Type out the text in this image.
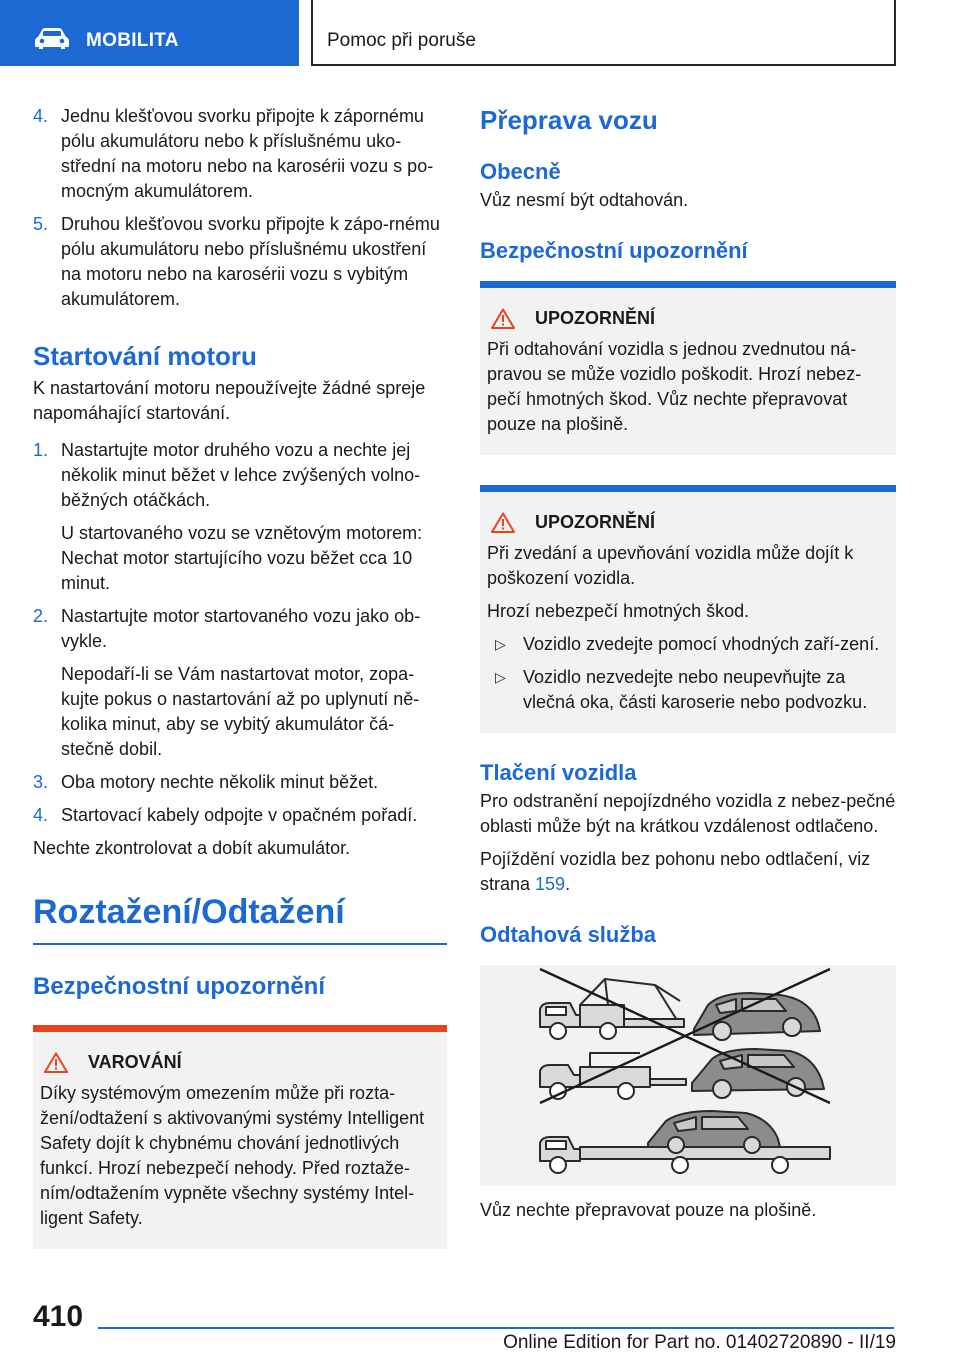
MOBILITA	Pomoc při poruše
4. Jednu klešťovou svorku připojte k zápornému pólu akumulátoru nebo k příslušnému uko-střední na motoru nebo na karosérii vozu s po-mocným akumulátorem.

5. Druhou klešťovou svorku připojte k zápo-rnému pólu akumulátoru nebo příslušnému ukostření na motoru nebo na karosérii vozu s vybitým akumulátorem.

Startování motoru

K nastartování motoru nepoužívejte žádné spreje napomáhající startování.

1. Nastartujte motor druhého vozu a nechte jej několik minut běžet v lehce zvýšených volno-běžných otáčkách.

U startovaného vozu se vznětovým motorem: Nechat motor startujícího vozu běžet cca 10 minut.

2. Nastartujte motor startovaného vozu jako ob-vykle.

Nepodaří-li se Vám nastartovat motor, zopa-kujte pokus o nastartování až po uplynutí ně-kolika minut, aby se vybitý akumulátor čá-stečně dobil.

3. Oba motory nechte několik minut běžet.

4. Startovací kabely odpojte v opačném pořadí.

Nechte zkontrolovat a dobít akumulátor.

Roztažení/Odtažení
Bezpečnostní upozornění
VAROVÁNÍ

Díky systémovým omezením může při rozta-žení/odtažení s aktivovanými systémy Intelligent Safety dojít k chybnému chování jednotlivých funkcí. Hrozí nebezpečí nehody. Před roztaže-ním/odtažením vypněte všechny systémy Intel-ligent Safety.

Přeprava vozu
Obecně

Vůz nesmí být odtahován.

Bezpečnostní upozornění
UPOZORNĚNÍ

Při odtahování vozidla s jednou zvednutou ná-pravou se může vozidlo poškodit. Hrozí nebez-pečí hmotných škod. Vůz nechte přepravovat pouze na plošině.

UPOZORNĚNÍ

Při zvedání a upevňování vozidla může dojít k poškození vozidla.

Hrozí nebezpečí hmotných škod.

▷ Vozidlo zvedejte pomocí vhodných zaří-zení.
▷ Vozidlo nezvedejte nebo neupevňujte za vlečná oka, části karoserie nebo podvozku.
Tlačení vozidla

Pro odstranění nepojízdného vozidla z nebez-pečné oblasti může být na krátkou vzdálenost odtlačeno.

Pojíždění vozidla bez pohonu nebo odtlačení, viz strana 159.

Odtahová služba

Vůz nechte přepravovat pouze na plošině.

410
Online Edition for Part no. 01402720890 - II/19
